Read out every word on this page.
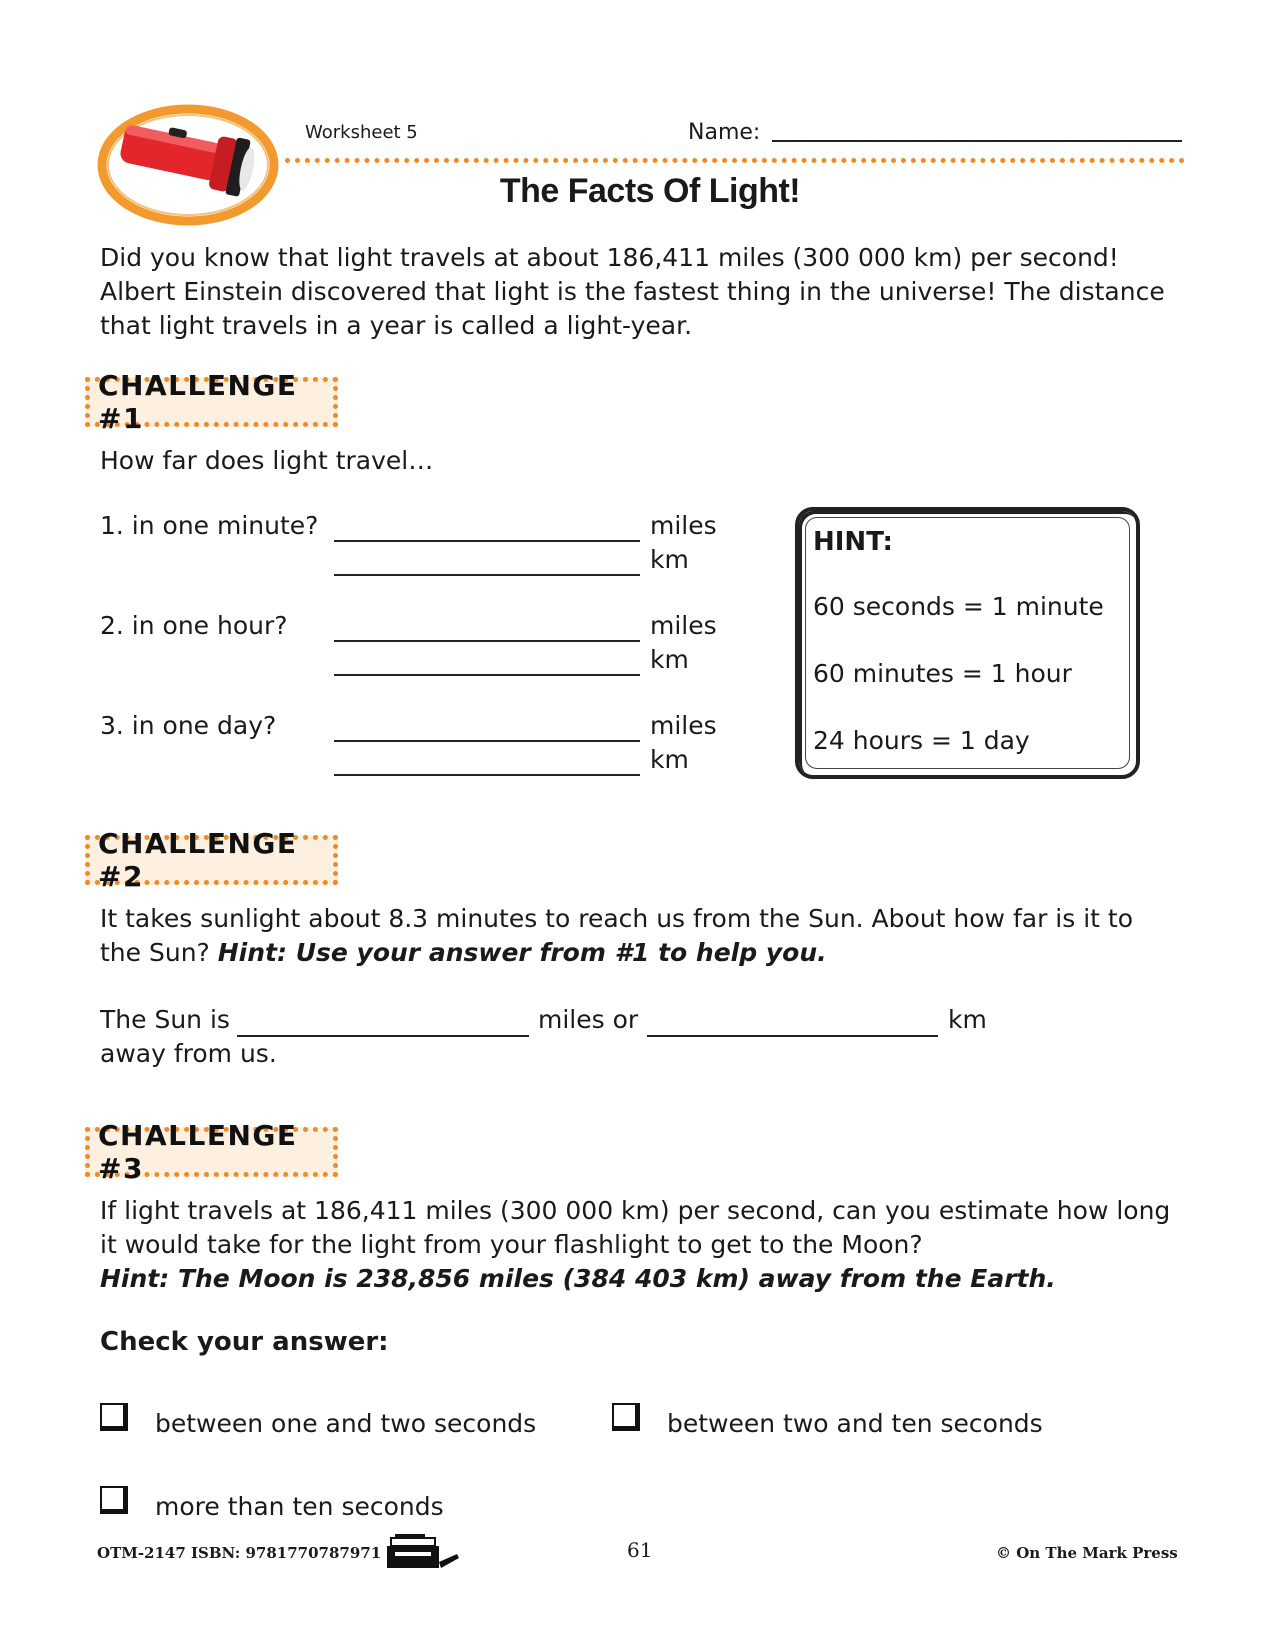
Worksheet 5	Name:
The Facts Of Light!
Did you know that light travels at about 186,411 miles (300 000 km) per second! Albert Einstein discovered that light is the fastest thing in the universe! The distance that light travels in a year is called a light-year.
CHALLENGE #1
How far does light travel…
1. in one minute?	miles
km
2. in one hour?	miles
km
3. in one day?	miles
km
HINT:
60 seconds = 1 minute
60 minutes = 1 hour
24 hours = 1 day
CHALLENGE #2
It takes sunlight about 8.3 minutes to reach us from the Sun. About how far is it to the Sun? Hint: Use your answer from #1 to help you.
The Sun is	miles or	km
away from us.
CHALLENGE #3
If light travels at 186,411 miles (300 000 km) per second, can you estimate how long it would take for the light from your flashlight to get to the Moon?
Hint: The Moon is 238,856 miles (384 403 km) away from the Earth.
Check your answer:
between one and two seconds	between two and ten seconds
more than ten seconds
OTM-2147 ISBN: 9781770787971	61	© On The Mark Press
